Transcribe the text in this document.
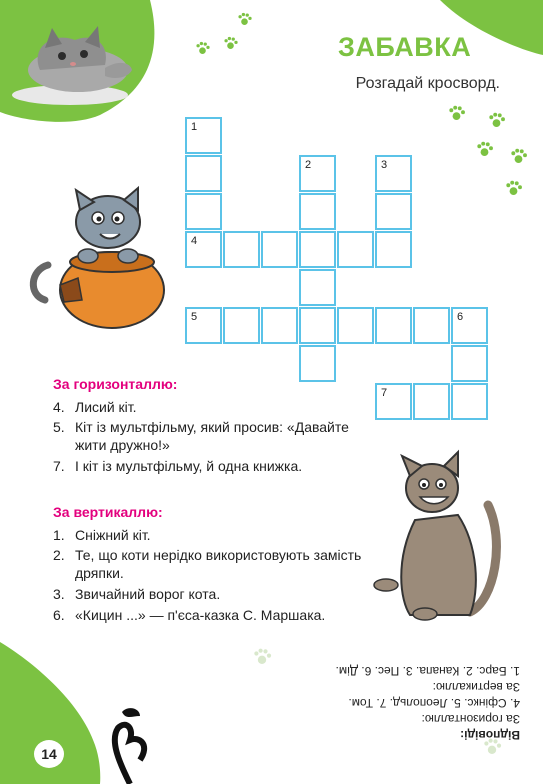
ЗАБАВКА
Розгадай кросворд.
1
4
2	3
5	6
7
За горизонталлю:
4. Лисий кіт.
5. Кіт із мультфільму, який просив: «Давайте жити дружно!»
7. І кіт із мультфільму, й одна книжка.
За вертикаллю:
1. Сніжний кіт.
2. Те, що коти нерідко використовують замість дряпки.
3. Звичайний ворог кота.
6. «Кицин ...» — п'єса-казка С. Маршака.
Відповіді:
За горизонталлю:
4. Сфінкс. 5. Леопольд. 7. Том.
За вертикаллю:
1. Барс. 2. Канапа. 3. Пес. 6. Дім.
14
